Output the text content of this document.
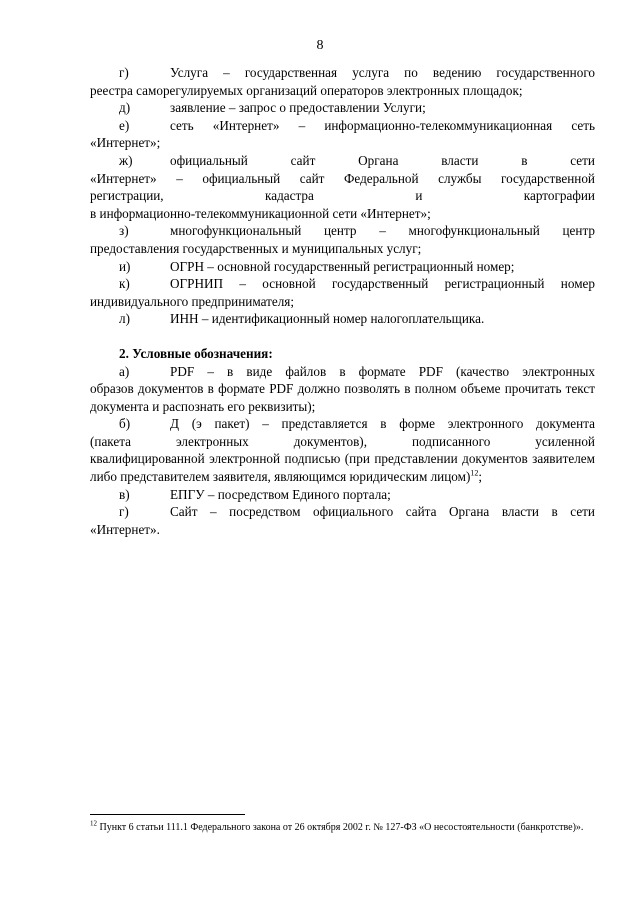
8
г)	Услуга – государственная услуга по ведению государственного
реестра саморегулируемых организаций операторов электронных площадок;
д)	заявление – запрос о предоставлении Услуги;
е)	сеть «Интернет» – информационно-телекоммуникационная сеть
«Интернет»;
ж)	официальный	сайт	Органа	власти	в	сети
«Интернет» – официальный сайт Федеральной службы государственной
регистрации,	кадастра	и	картографии
в информационно-телекоммуникационной сети «Интернет»;
з)	многофункциональный центр – многофункциональный центр
предоставления государственных и муниципальных услуг;
и)	ОГРН – основной государственный регистрационный номер;
к)	ОГРНИП – основной государственный регистрационный номер
индивидуального предпринимателя;
л)	ИНН – идентификационный номер налогоплательщика.
2. Условные обозначения:
а)	PDF – в виде файлов в формате PDF (качество электронных
образов документов в формате PDF должно позволять в полном объеме прочитать текст документа и распознать его реквизиты);
б)	Д (э пакет) – представляется в форме электронного документа
(пакета	электронных	документов),	подписанного	усиленной
квалифицированной электронной подписью (при представлении документов заявителем либо представителем заявителя, являющимся юридическим лицом)$^{12}$;
в)	ЕПГУ – посредством Единого портала;
г)	Сайт – посредством официального сайта Органа власти в сети
«Интернет».
$^{12}$ Пункт 6 статьи 111.1 Федерального закона от 26 октября 2002 г. № 127-ФЗ «О несостоятельности (банкротстве)».
